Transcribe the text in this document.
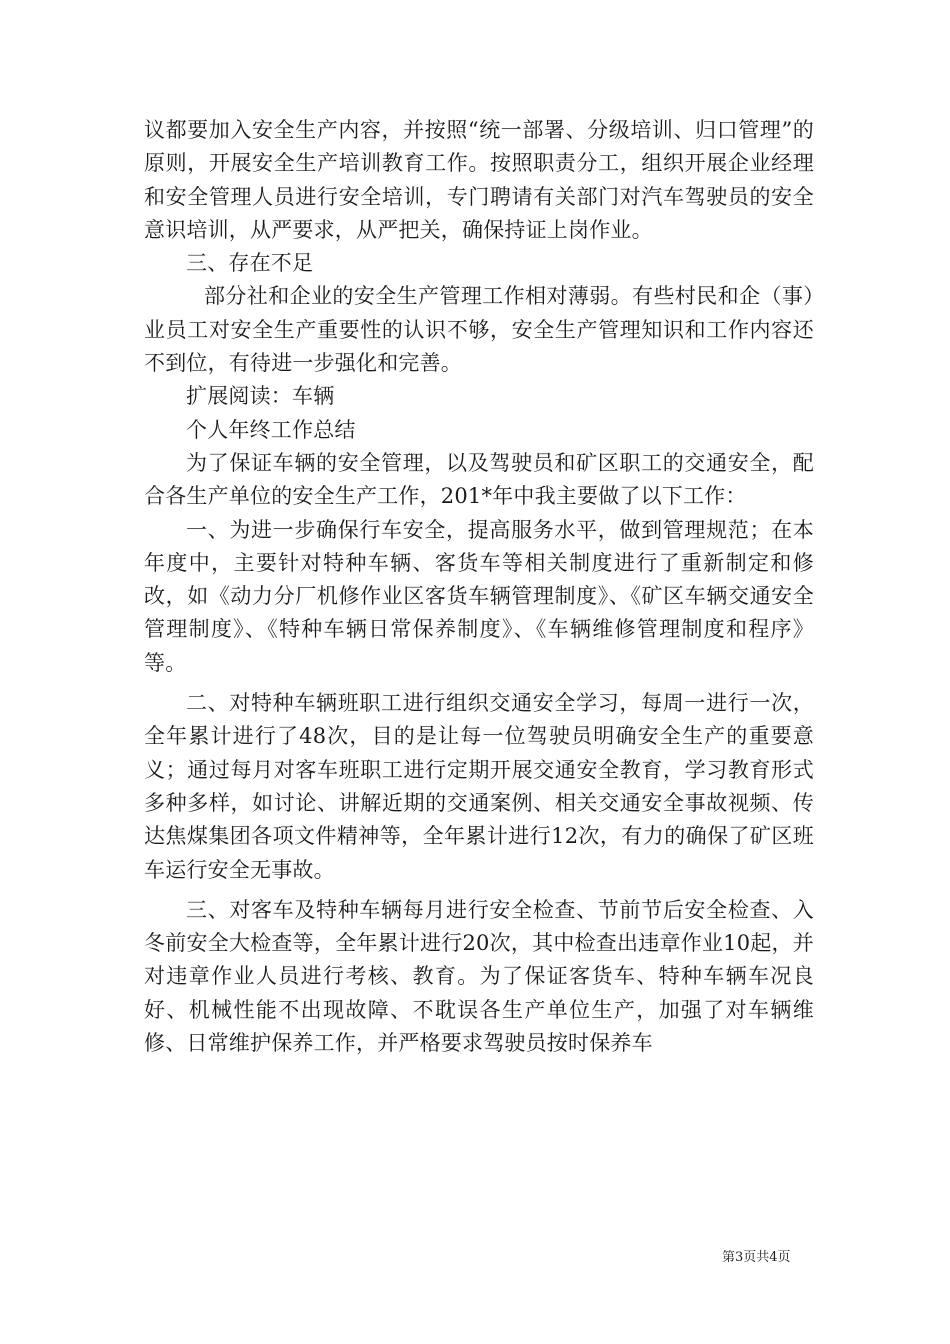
议都要加入安全生产内容，并按照“统一部署、分级培训、归口管理”的原则，开展安全生产培训教育工作。按照职责分工，组织开展企业经理和安全管理人员进行安全培训，专门聘请有关部门对汽车驾驶员的安全意识培训，从严要求，从严把关，确保持证上岗作业。

三、存在不足

部分社和企业的安全生产管理工作相对薄弱。有些村民和企（事）业员工对安全生产重要性的认识不够，安全生产管理知识和工作内容还不到位，有待进一步强化和完善。

扩展阅读：车辆

个人年终工作总结

为了保证车辆的安全管理，以及驾驶员和矿区职工的交通安全，配合各生产单位的安全生产工作，201*年中我主要做了以下工作：

一、为进一步确保行车安全，提高服务水平，做到管理规范；在本年度中，主要针对特种车辆、客货车等相关制度进行了重新制定和修改，如《动力分厂机修作业区客货车辆管理制度》、《矿区车辆交通安全管理制度》、《特种车辆日常保养制度》、《车辆维修管理制度和程序》等。

二、对特种车辆班职工进行组织交通安全学习，每周一进行一次，全年累计进行了48次，目的是让每一位驾驶员明确安全生产的重要意义；通过每月对客车班职工进行定期开展交通安全教育，学习教育形式多种多样，如讨论、讲解近期的交通案例、相关交通安全事故视频、传达焦煤集团各项文件精神等，全年累计进行12次，有力的确保了矿区班车运行安全无事故。

三、对客车及特种车辆每月进行安全检查、节前节后安全检查、入冬前安全大检查等，全年累计进行20次，其中检查出违章作业10起，并对违章作业人员进行考核、教育。为了保证客货车、特种车辆车况良好、机械性能不出现故障、不耽误各生产单位生产，加强了对车辆维修、日常维护保养工作，并严格要求驾驶员按时保养车

第3页共4页
